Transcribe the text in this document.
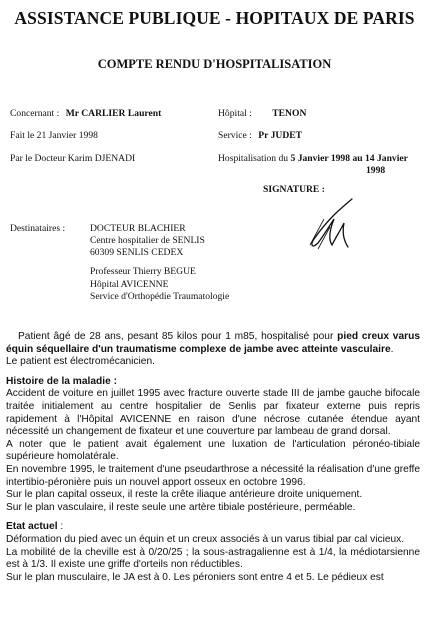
ASSISTANCE PUBLIQUE - HOPITAUX DE PARIS
COMPTE RENDU D'HOSPITALISATION
Concernant : Mr CARLIER Laurent
Fait le 21 Janvier 1998
Par le Docteur Karim DJENADI
Hôpital : TENON
Service : Pr JUDET
Hospitalisation du 5 Janvier 1998 au 14 Janvier
1998
SIGNATURE :
Destinataires :	DOCTEUR BLACHIER
Centre hospitalier de SENLIS
60309 SENLIS CEDEX
Professeur Thierry BEGUE
Hôpital AVICENNE
Service d'Orthopédie Traumatologie

Patient âgé de 28 ans, pesant 85 kilos pour 1 m85, hospitalisé pour pied creux varus équin séquellaire d'un traumatisme complexe de jambe avec atteinte vasculaire.

Le patient est électromécanicien.

Histoire de la maladie :

Accident de voiture en juillet 1995 avec fracture ouverte stade III de jambe gauche bifocale traitée initialement au centre hospitalier de Senlis par fixateur externe puis repris rapidement à l'Hôpital AVICENNE en raison d'une nécrose cutanée étendue ayant nécessité un changement de fixateur et une couverture par lambeau de grand dorsal.

A noter que le patient avait également une luxation de l'articulation péronéo-tibiale supérieure homolatérale.

En novembre 1995, le traitement d'une pseudarthrose a nécessité la réalisation d'une greffe intertibio-péronière puis un nouvel apport osseux en octobre 1996.

Sur le plan capital osseux, il reste la crête iliaque antérieure droite uniquement.

Sur le plan vasculaire, il reste seule une artère tibiale postérieure, perméable.

Etat actuel :

Déformation du pied avec un équin et un creux associés à un varus tibial par cal vicieux.

La mobilité de la cheville est à 0/20/25 ; la sous-astragalienne est à 1/4, la médiotarsienne est à 1/3. Il existe une griffe d'orteils non réductibles.

Sur le plan musculaire, le JA est à 0. Les péroniers sont entre 4 et 5. Le pédieux est
